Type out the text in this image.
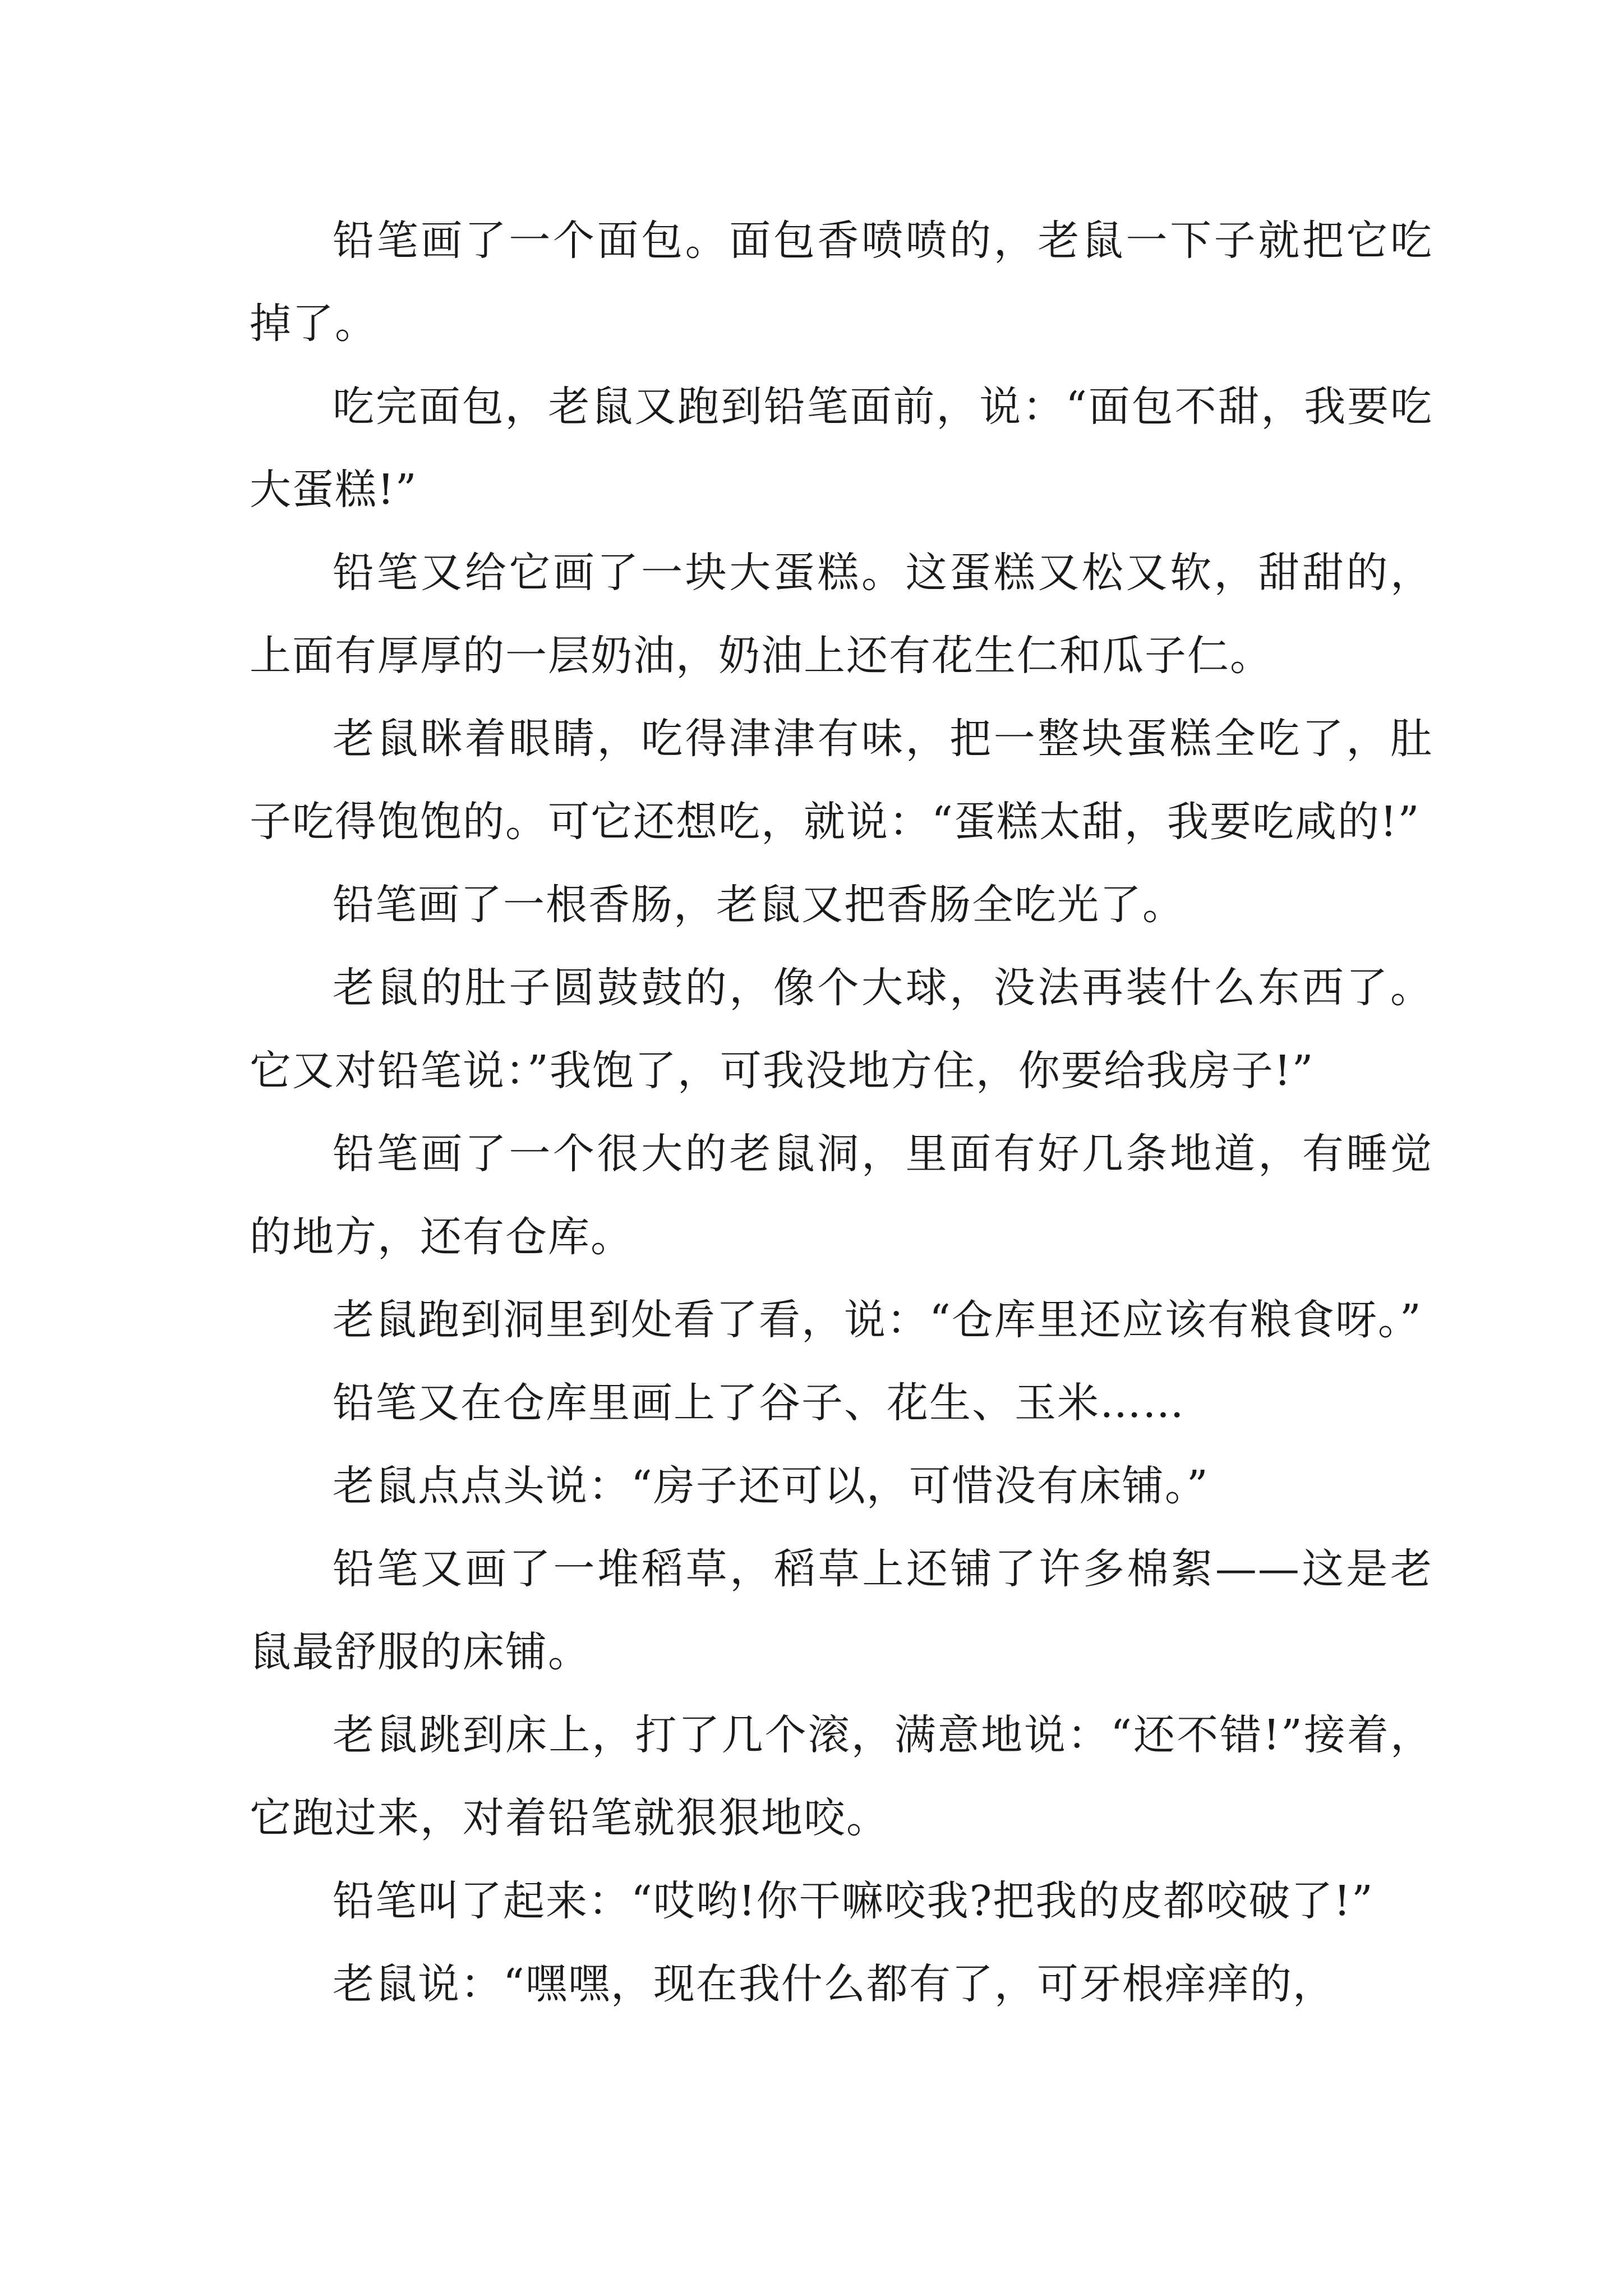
铅笔画了一个面包。面包香喷喷的，老鼠一下子就把它吃掉了。

吃完面包，老鼠又跑到铅笔面前，说：“面包不甜，我要吃大蛋糕!”

铅笔又给它画了一块大蛋糕。这蛋糕又松又软，甜甜的，上面有厚厚的一层奶油，奶油上还有花生仁和瓜子仁。

老鼠眯着眼睛，吃得津津有味，把一整块蛋糕全吃了，肚子吃得饱饱的。可它还想吃，就说：“蛋糕太甜，我要吃咸的!”

铅笔画了一根香肠，老鼠又把香肠全吃光了。

老鼠的肚子圆鼓鼓的，像个大球，没法再装什么东西了。它又对铅笔说：”我饱了，可我没地方住，你要给我房子!”

铅笔画了一个很大的老鼠洞，里面有好几条地道，有睡觉的地方，还有仓库。

老鼠跑到洞里到处看了看，说：“仓库里还应该有粮食呀。”

铅笔又在仓库里画上了谷子、花生、玉米……

老鼠点点头说：“房子还可以，可惜没有床铺。”

铅笔又画了一堆稻草，稻草上还铺了许多棉絮——这是老鼠最舒服的床铺。

老鼠跳到床上，打了几个滚，满意地说：“还不错!”接着，它跑过来，对着铅笔就狠狠地咬。

铅笔叫了起来：“哎哟!你干嘛咬我?把我的皮都咬破了!”

老鼠说：“嘿嘿，现在我什么都有了，可牙根痒痒的，
